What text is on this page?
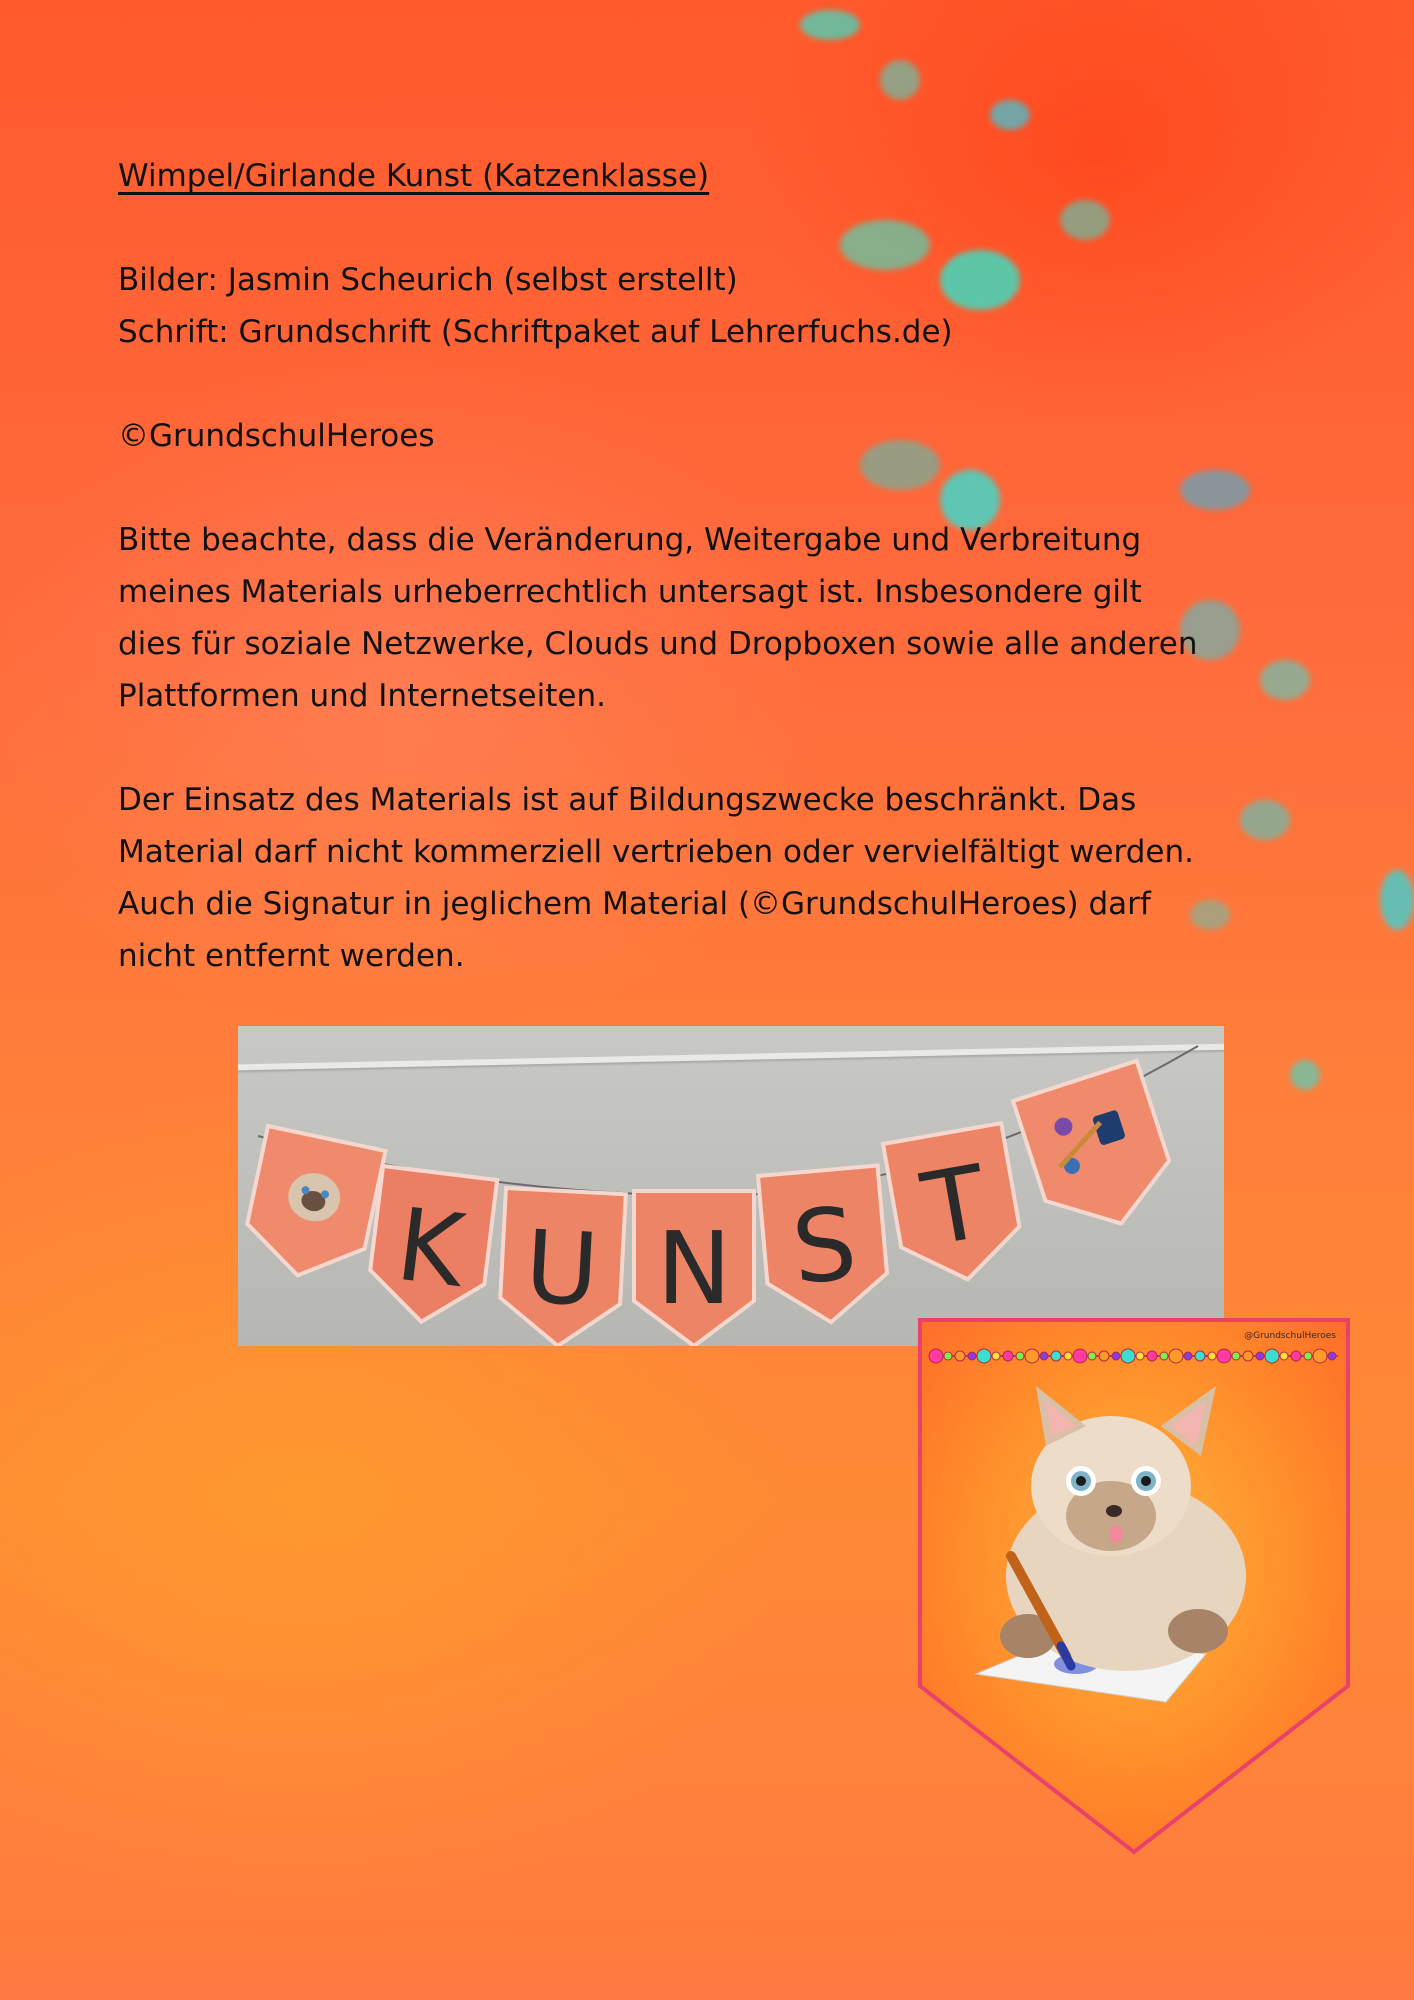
Wimpel/Girlande Kunst (Katzenklasse)

Bilder: Jasmin Scheurich (selbst erstellt)
Schrift: Grundschrift (Schriftpaket auf Lehrerfuchs.de)

©GrundschulHeroes

Bitte beachte, dass die Veränderung, Weitergabe und Verbreitung meines Materials urheberrechtlich untersagt ist. Insbesondere gilt dies für soziale Netzwerke, Clouds und Dropboxen sowie alle anderen Plattformen und Internetseiten.

Der Einsatz des Materials ist auf Bildungszwecke beschränkt. Das Material darf nicht kommerziell vertrieben oder vervielfältigt werden. Auch die Signatur in jeglichem Material (©GrundschulHeroes) darf nicht entfernt werden.

K U N S T
@GrundschulHeroes
